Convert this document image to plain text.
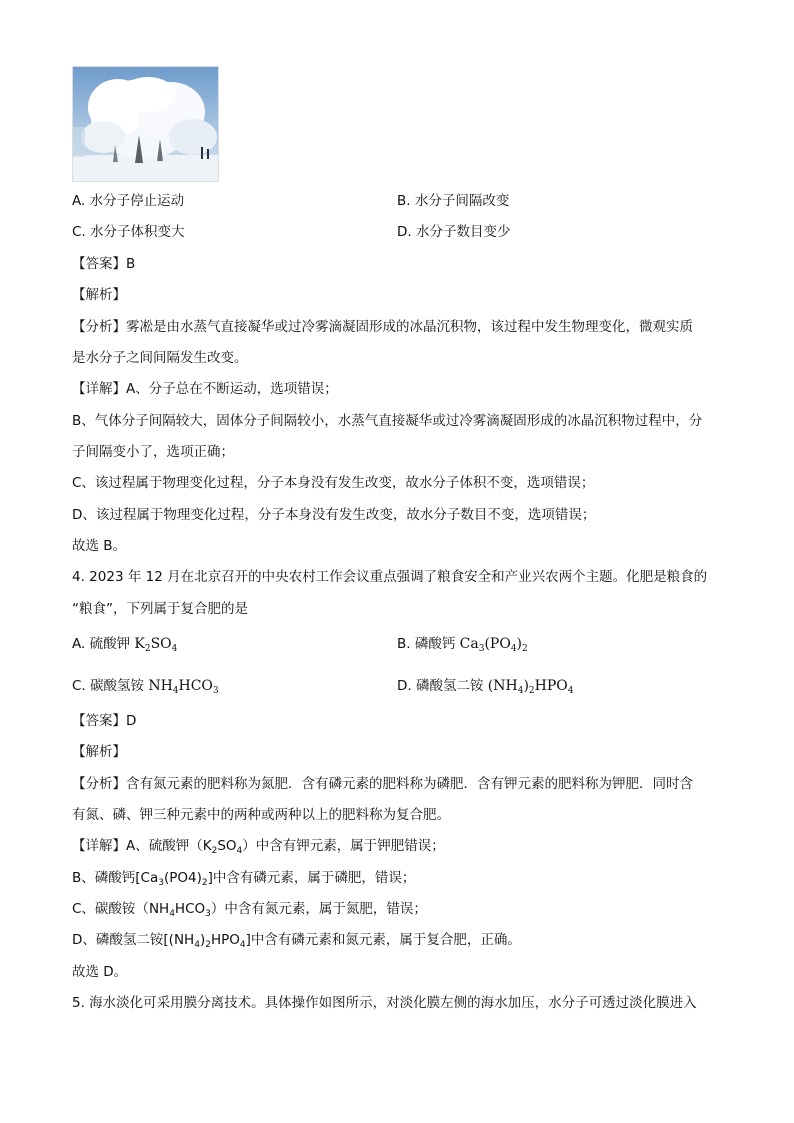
A. 水分子停止运动	B. 水分子间隔改变
C. 水分子体积变大	D. 水分子数目变少
【答案】B
【解析】
【分析】雾凇是由水蒸气直接凝华或过冷雾滴凝固形成的冰晶沉积物，该过程中发生物理变化，微观实质
是水分子之间间隔发生改变。
【详解】A、分子总在不断运动，选项错误；
B、气体分子间隔较大，固体分子间隔较小，水蒸气直接凝华或过冷雾滴凝固形成的冰晶沉积物过程中，分
子间隔变小了，选项正确；
C、该过程属于物理变化过程，分子本身没有发生改变，故水分子体积不变，选项错误；
D、该过程属于物理变化过程，分子本身没有发生改变，故水分子数目不变，选项错误；
故选 B。
4. 2023 年 12 月在北京召开的中央农村工作会议重点强调了粮食安全和产业兴农两个主题。化肥是粮食的
“粮食”，下列属于复合肥的是
A. 硫酸钾 $K_2SO_4$	B. 磷酸钙 $Ca_3(PO_4)_2$
C. 碳酸氢铵 $NH_4HCO_3$	D. 磷酸氢二铵 $(NH_4)_2HPO_4$
【答案】D
【解析】
【分析】含有氮元素的肥料称为氮肥．含有磷元素的肥料称为磷肥．含有钾元素的肥料称为钾肥．同时含
有氮、磷、钾三种元素中的两种或两种以上的肥料称为复合肥。
【详解】A、硫酸钾$(K_2SO_4)$中含有钾元素，属于钾肥错误；
B、磷酸钙$[Ca_3(PO4)_2]$中含有磷元素，属于磷肥，错误；
C、碳酸铵$(NH_4HCO_3)$中含有氮元素，属于氮肥，错误；
D、磷酸氢二铵$[(NH_4)_2HPO_4]$中含有磷元素和氮元素，属于复合肥，正确。
故选 D。
5. 海水淡化可采用膜分离技术。具体操作如图所示，对淡化膜左侧的海水加压，水分子可透过淡化膜进入
